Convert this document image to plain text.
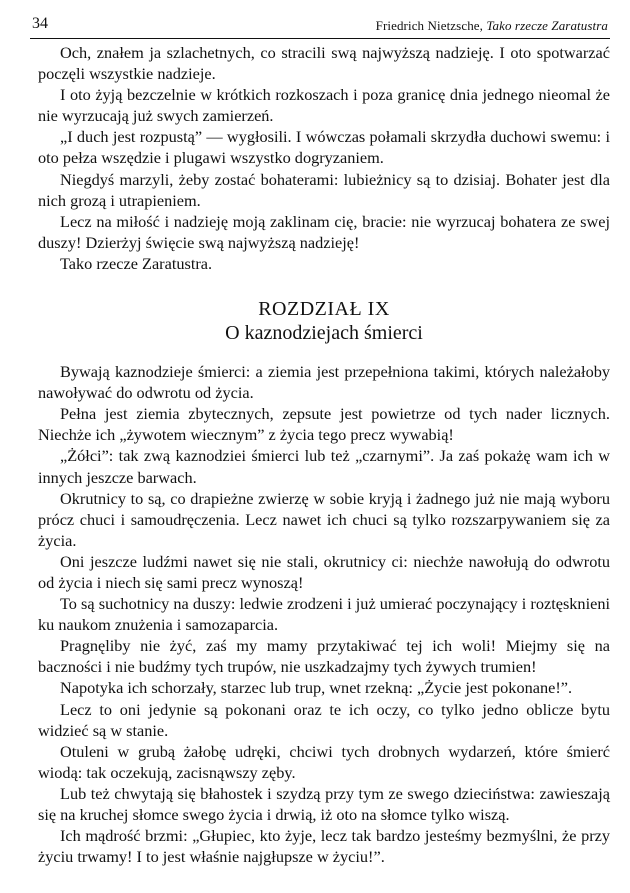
34	Friedrich Nietzsche, Tako rzecze Zaratustra

Och, znałem ja szlachetnych, co stracili swą najwyższą nadzieję. I oto spotwarzać poczęli wszystkie nadzieje.

I oto żyją bezczelnie w krótkich rozkoszach i poza granicę dnia jednego nieomal że nie wyrzucają już swych zamierzeń.

„I duch jest rozpustą” — wygłosili. I wówczas połamali skrzydła duchowi swemu: i oto pełza wszędzie i plugawi wszystko dogryzaniem.

Niegdyś marzyli, żeby zostać bohaterami: lubieżnicy są to dzisiaj. Bohater jest dla nich grozą i utrapieniem.

Lecz na miłość i nadzieję moją zaklinam cię, bracie: nie wyrzucaj bohatera ze swej duszy! Dzierżyj święcie swą najwyższą nadzieję!

Tako rzecze Zaratustra.

ROZDZIAŁ IX
O kaznodziejach śmierci

Bywają kaznodzieje śmierci: a ziemia jest przepełniona takimi, których należałoby nawoływać do odwrotu od życia.

Pełna jest ziemia zbytecznych, zepsute jest powietrze od tych nader licznych. Niechże ich „żywotem wiecznym” z życia tego precz wywabią!

„Żółci”: tak zwą kaznodziei śmierci lub też „czarnymi”. Ja zaś pokażę wam ich w innych jeszcze barwach.

Okrutnicy to są, co drapieżne zwierzę w sobie kryją i żadnego już nie mają wyboru prócz chuci i samoudręczenia. Lecz nawet ich chuci są tylko rozszarpywaniem się za życia.

Oni jeszcze ludźmi nawet się nie stali, okrutnicy ci: niechże nawołują do odwrotu od życia i niech się sami precz wynoszą!

To są suchotnicy na duszy: ledwie zrodzeni i już umierać poczynający i roztęsknieni ku naukom znużenia i samozaparcia.

Pragnęliby nie żyć, zaś my mamy przytakiwać tej ich woli! Miejmy się na baczności i nie budźmy tych trupów, nie uszkadzajmy tych żywych trumien!

Napotyka ich schorzały, starzec lub trup, wnet rzekną: „Życie jest pokonane!”.

Lecz to oni jedynie są pokonani oraz te ich oczy, co tylko jedno oblicze bytu widzieć są w stanie.

Otuleni w grubą żałobę udręki, chciwi tych drobnych wydarzeń, które śmierć wiodą: tak oczekują, zacisnąwszy zęby.

Lub też chwytają się błahostek i szydzą przy tym ze swego dzieciństwa: zawieszają się na kruchej słomce swego życia i drwią, iż oto na słomce tylko wiszą.

Ich mądrość brzmi: „Głupiec, kto żyje, lecz tak bardzo jesteśmy bezmyślni, że przy życiu trwamy! I to jest właśnie najgłupsze w życiu!”.
